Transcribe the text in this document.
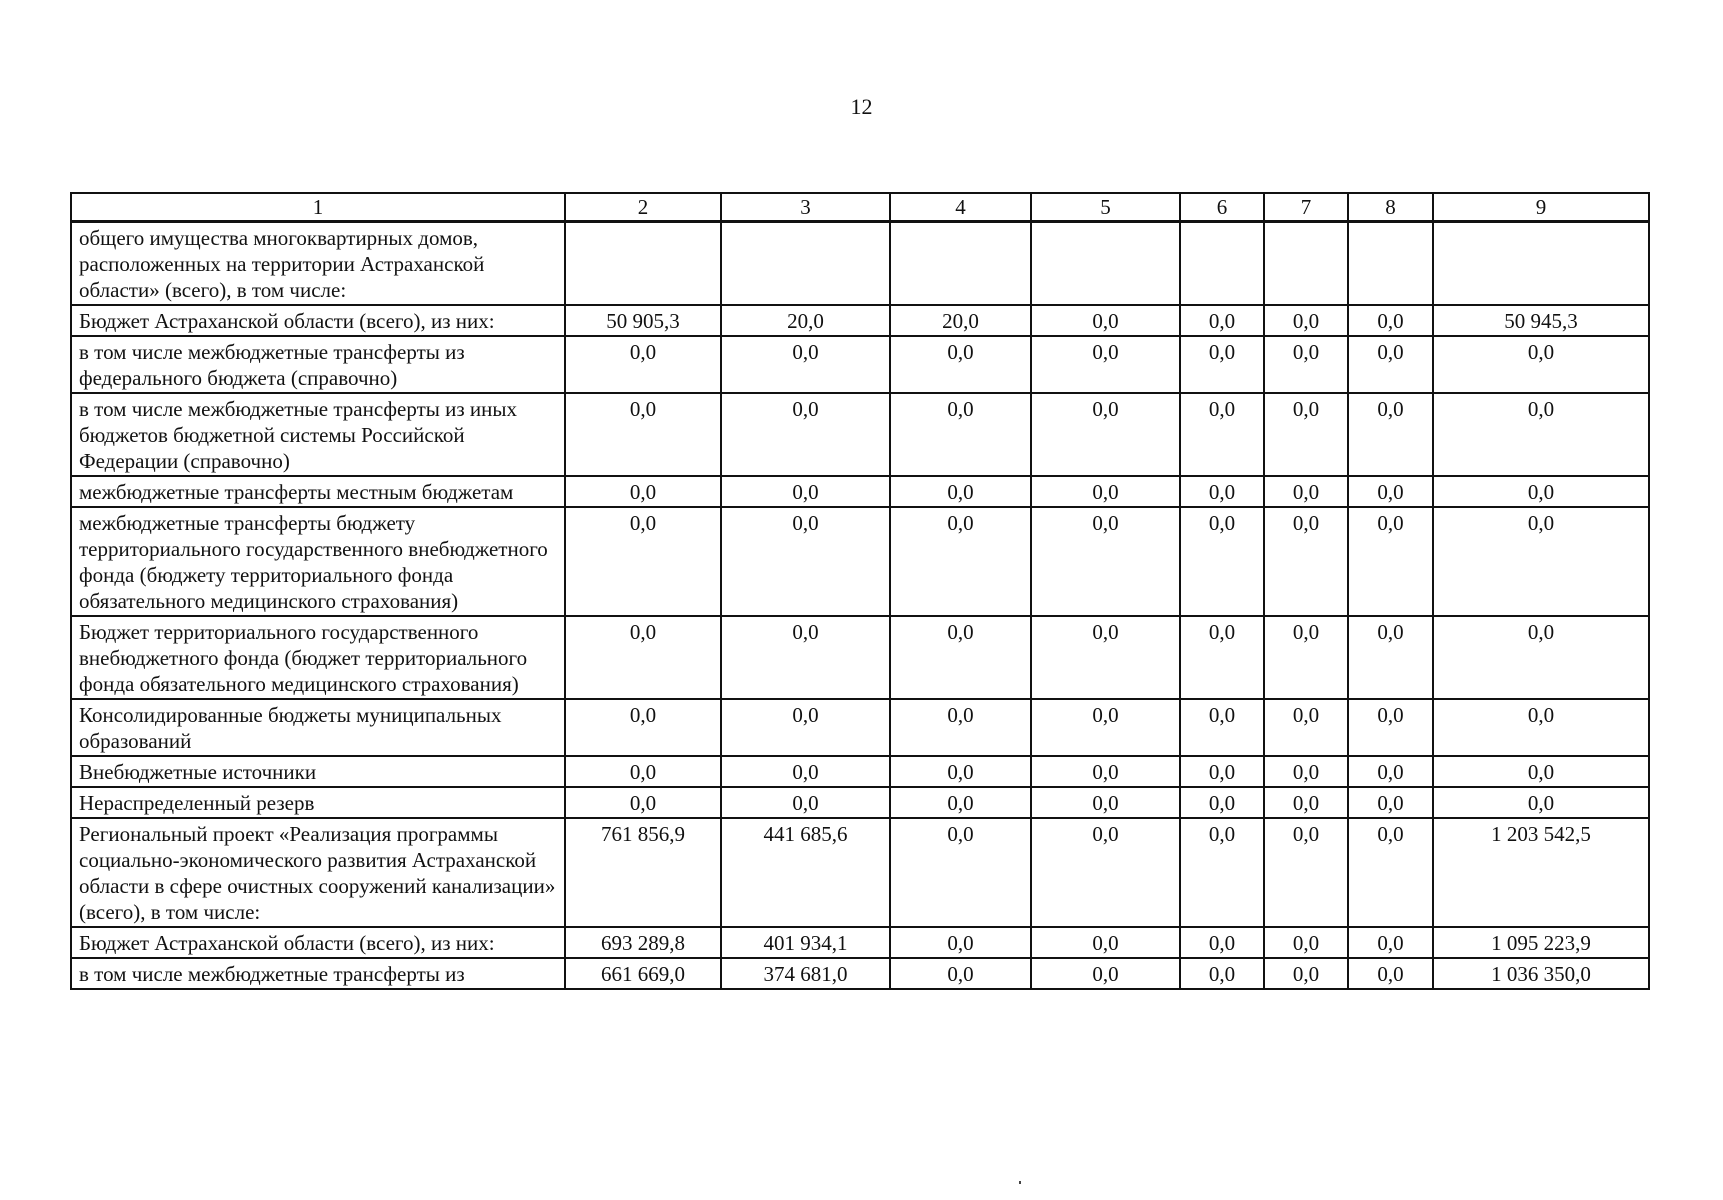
12
1	2	3	4	5	6	7	8	9
общего имущества многоквартирных домов, расположенных на территории Астраханской области» (всего), в том числе:								
Бюджет Астраханской области (всего), из них:	50 905,3	20,0	20,0	0,0	0,0	0,0	0,0	50 945,3
в том числе межбюджетные трансферты из федерального бюджета (справочно)	0,0	0,0	0,0	0,0	0,0	0,0	0,0	0,0
в том числе межбюджетные трансферты из иных бюджетов бюджетной системы Российской Федерации (справочно)	0,0	0,0	0,0	0,0	0,0	0,0	0,0	0,0
межбюджетные трансферты местным бюджетам	0,0	0,0	0,0	0,0	0,0	0,0	0,0	0,0
межбюджетные трансферты бюджету территориального государственного внебюджетного фонда (бюджету территориального фонда обязательного медицинского страхования)	0,0	0,0	0,0	0,0	0,0	0,0	0,0	0,0
Бюджет территориального государственного внебюджетного фонда (бюджет территориального фонда обязательного медицинского страхования)	0,0	0,0	0,0	0,0	0,0	0,0	0,0	0,0
Консолидированные бюджеты муниципальных образований	0,0	0,0	0,0	0,0	0,0	0,0	0,0	0,0
Внебюджетные источники	0,0	0,0	0,0	0,0	0,0	0,0	0,0	0,0
Нераспределенный резерв	0,0	0,0	0,0	0,0	0,0	0,0	0,0	0,0
Региональный проект «Реализация программы социально-экономического развития Астраханской области в сфере очистных сооружений канализации» (всего), в том числе:	761 856,9	441 685,6	0,0	0,0	0,0	0,0	0,0	1 203 542,5
Бюджет Астраханской области (всего), из них:	693 289,8	401 934,1	0,0	0,0	0,0	0,0	0,0	1 095 223,9
в том числе межбюджетные трансферты из	661 669,0	374 681,0	0,0	0,0	0,0	0,0	0,0	1 036 350,0
